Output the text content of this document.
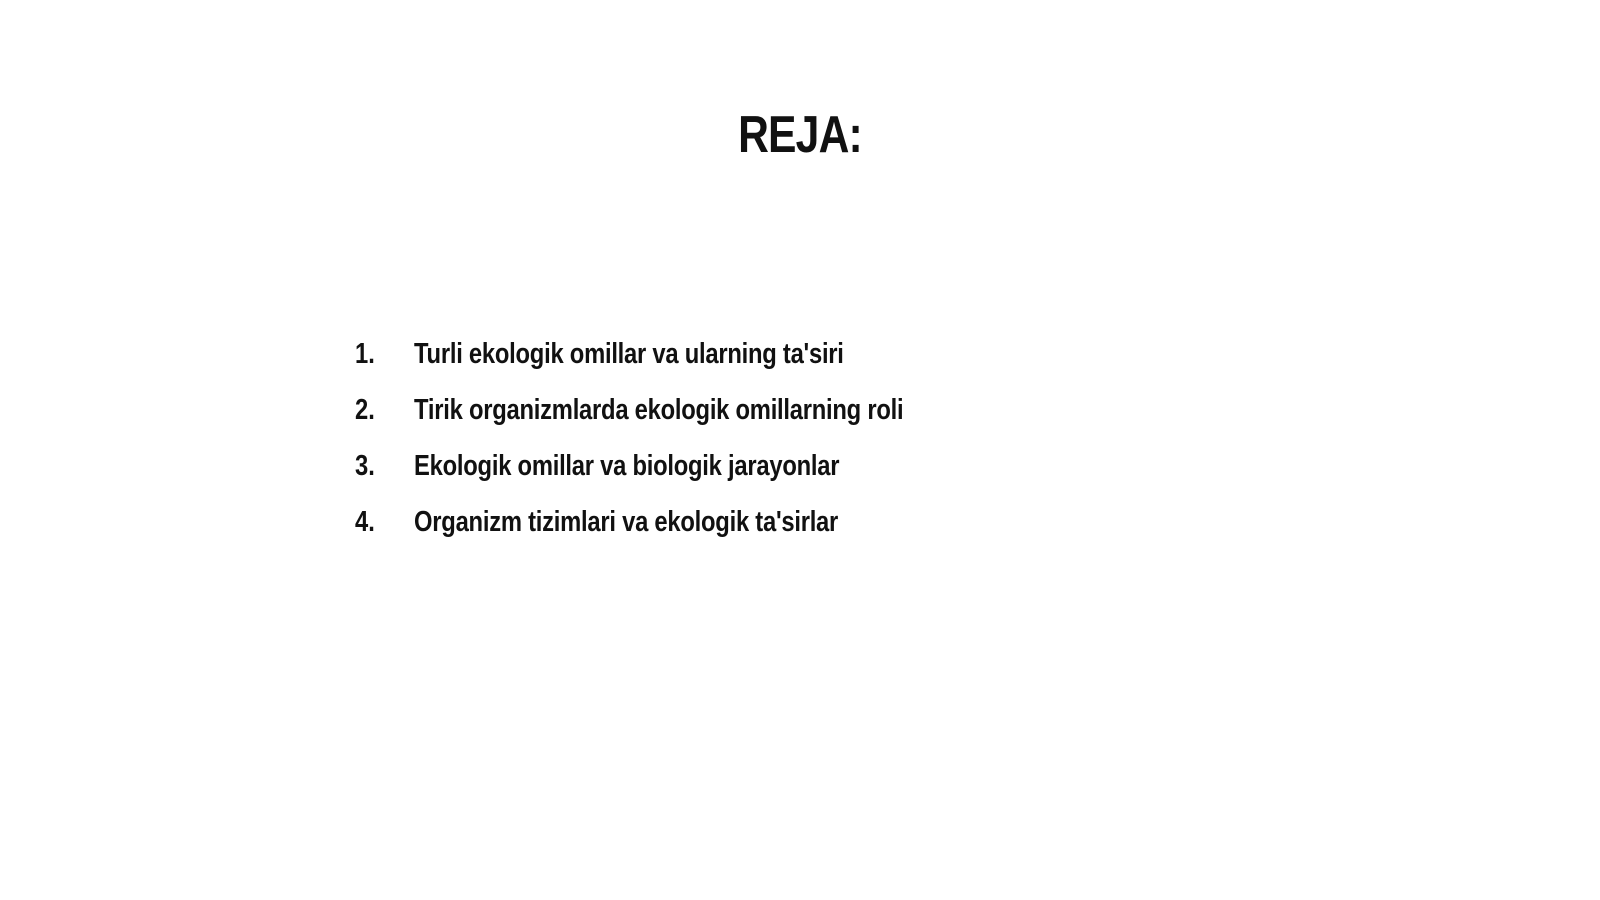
REJA:
1.	Turli ekologik omillar va ularning ta'siri
2.	Tirik organizmlarda ekologik omillarning roli
3.	Ekologik omillar va biologik jarayonlar
4.	Organizm tizimlari va ekologik ta'sirlar
